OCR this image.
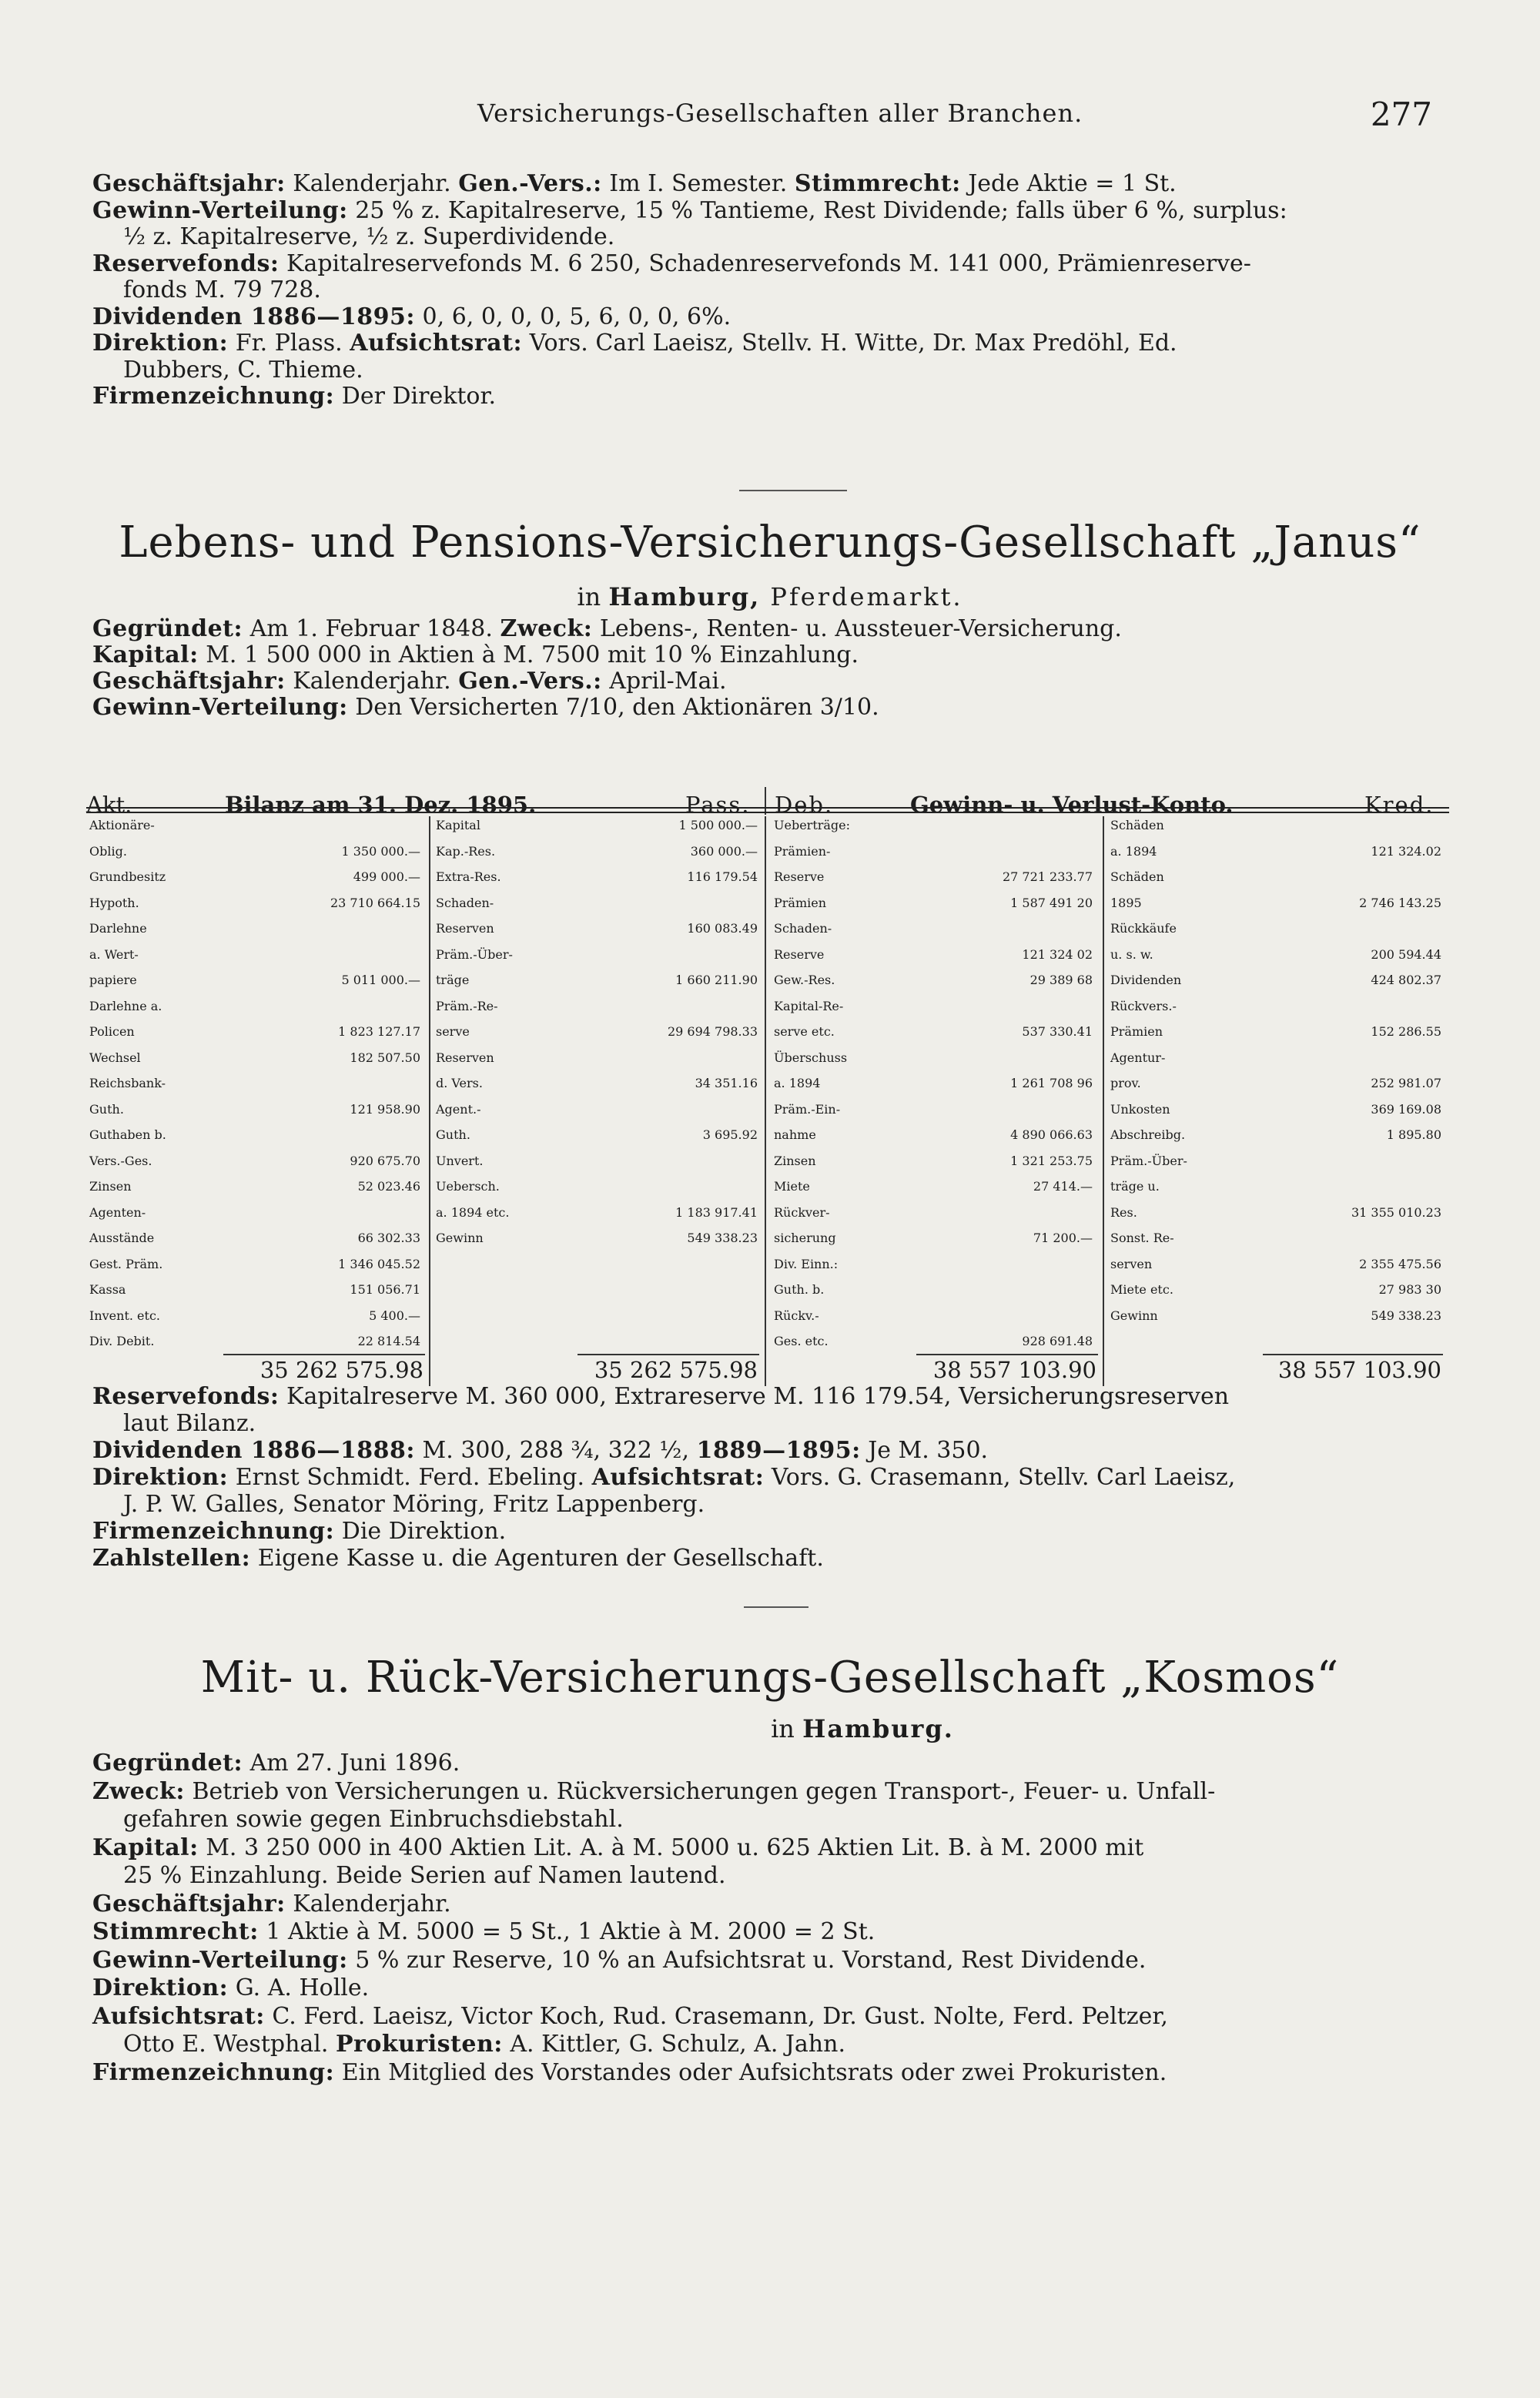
Versicherungs-Gesellschaften aller Branchen.	277

Geschäftsjahr: Kalenderjahr. Gen.-Vers.: Im I. Semester. Stimmrecht: Jede Aktie = 1 St.

Gewinn-Verteilung: 25 % z. Kapitalreserve, 15 % Tantieme, Rest Dividende; falls über 6 %, surplus:

½ z. Kapitalreserve, ½ z. Superdividende.

Reservefonds: Kapitalreservefonds M. 6 250, Schadenreservefonds M. 141 000, Prämienreserve-

fonds M. 79 728.

Dividenden 1886—1895: 0, 6, 0, 0, 0, 5, 6, 0, 0, 6%.

Direktion: Fr. Plass. Aufsichtsrat: Vors. Carl Laeisz, Stellv. H. Witte, Dr. Max Predöhl, Ed.

Dubbers, C. Thieme.

Firmenzeichnung: Der Direktor.

Lebens- und Pensions-Versicherungs-Gesellschaft „Janus“
in Hamburg, Pferdemarkt.

Gegründet: Am 1. Februar 1848. Zweck: Lebens-, Renten- u. Aussteuer-Versicherung.

Kapital: M. 1 500 000 in Aktien à M. 7500 mit 10 % Einzahlung.

Geschäftsjahr: Kalenderjahr. Gen.-Vers.: April-Mai.

Gewinn-Verteilung: Den Versicherten 7/10, den Aktionären 3/10.

Akt.	Bilanz am 31. Dez. 1895.	Pass. Deb.	Gewinn- u. Verlust-Konto.	Kred.
Aktionäre-
Oblig.	1 350 000.—
Grundbesitz	499 000.—
Hypoth.	23 710 664.15
Darlehne
a. Wert-
papiere	5 011 000.—
Darlehne a.
Policen	1 823 127.17
Wechsel	182 507.50
Reichsbank-
Guth.	121 958.90
Guthaben b.
Vers.-Ges.	920 675.70
Zinsen	52 023.46
Agenten-
Ausstände	66 302.33
Gest. Präm.	1 346 045.52
Kassa	151 056.71
Invent. etc.	5 400.—
Div. Debit.	22 814.54
Kapital	1 500 000.—
Kap.-Res.	360 000.—
Extra-Res.	116 179.54
Schaden-
Reserven	160 083.49
Präm.-Über-
träge	1 660 211.90
Präm.-Re-
serve	29 694 798.33
Reserven
d. Vers.	34 351.16
Agent.-
Guth.	3 695.92
Unvert.
Uebersch.
a. 1894 etc.	1 183 917.41
Gewinn	549 338.23
Ueberträge:
Prämien-
Reserve	27 721 233.77
Prämien	1 587 491 20
Schaden-
Reserve	121 324 02
Gew.-Res.	29 389 68
Kapital-Re-
serve etc.	537 330.41
Überschuss
a. 1894	1 261 708 96
Präm.-Ein-
nahme	4 890 066.63
Zinsen	1 321 253.75
Miete	27 414.—
Rückver-
sicherung	71 200.—
Div. Einn.:
Guth. b.
Rückv.-
Ges. etc.	928 691.48
Schäden
a. 1894	121 324.02
Schäden
1895	2 746 143.25
Rückkäufe
u. s. w.	200 594.44
Dividenden	424 802.37
Rückvers.-
Prämien	152 286.55
Agentur-
prov.	252 981.07
Unkosten	369 169.08
Abschreibg.	1 895.80
Präm.-Über-
träge u.
Res.	31 355 010.23
Sonst. Re-
serven	2 355 475.56
Miete etc.	27 983 30
Gewinn	549 338.23
35 262 575.98	35 262 575.98	38 557 103.90	38 557 103.90

Reservefonds: Kapitalreserve M. 360 000, Extrareserve M. 116 179.54, Versicherungsreserven

laut Bilanz.

Dividenden 1886—1888: M. 300, 288 ¾, 322 ½, 1889—1895: Je M. 350.

Direktion: Ernst Schmidt. Ferd. Ebeling. Aufsichtsrat: Vors. G. Crasemann, Stellv. Carl Laeisz,

J. P. W. Galles, Senator Möring, Fritz Lappenberg.

Firmenzeichnung: Die Direktion.

Zahlstellen: Eigene Kasse u. die Agenturen der Gesellschaft.

Mit- u. Rück-Versicherungs-Gesellschaft „Kosmos“
in Hamburg.

Gegründet: Am 27. Juni 1896.

Zweck: Betrieb von Versicherungen u. Rückversicherungen gegen Transport-, Feuer- u. Unfall-

gefahren sowie gegen Einbruchsdiebstahl.

Kapital: M. 3 250 000 in 400 Aktien Lit. A. à M. 5000 u. 625 Aktien Lit. B. à M. 2000 mit

25 % Einzahlung. Beide Serien auf Namen lautend.

Geschäftsjahr: Kalenderjahr.

Stimmrecht: 1 Aktie à M. 5000 = 5 St., 1 Aktie à M. 2000 = 2 St.

Gewinn-Verteilung: 5 % zur Reserve, 10 % an Aufsichtsrat u. Vorstand, Rest Dividende.

Direktion: G. A. Holle.

Aufsichtsrat: C. Ferd. Laeisz, Victor Koch, Rud. Crasemann, Dr. Gust. Nolte, Ferd. Peltzer,

Otto E. Westphal. Prokuristen: A. Kittler, G. Schulz, A. Jahn.

Firmenzeichnung: Ein Mitglied des Vorstandes oder Aufsichtsrats oder zwei Prokuristen.
